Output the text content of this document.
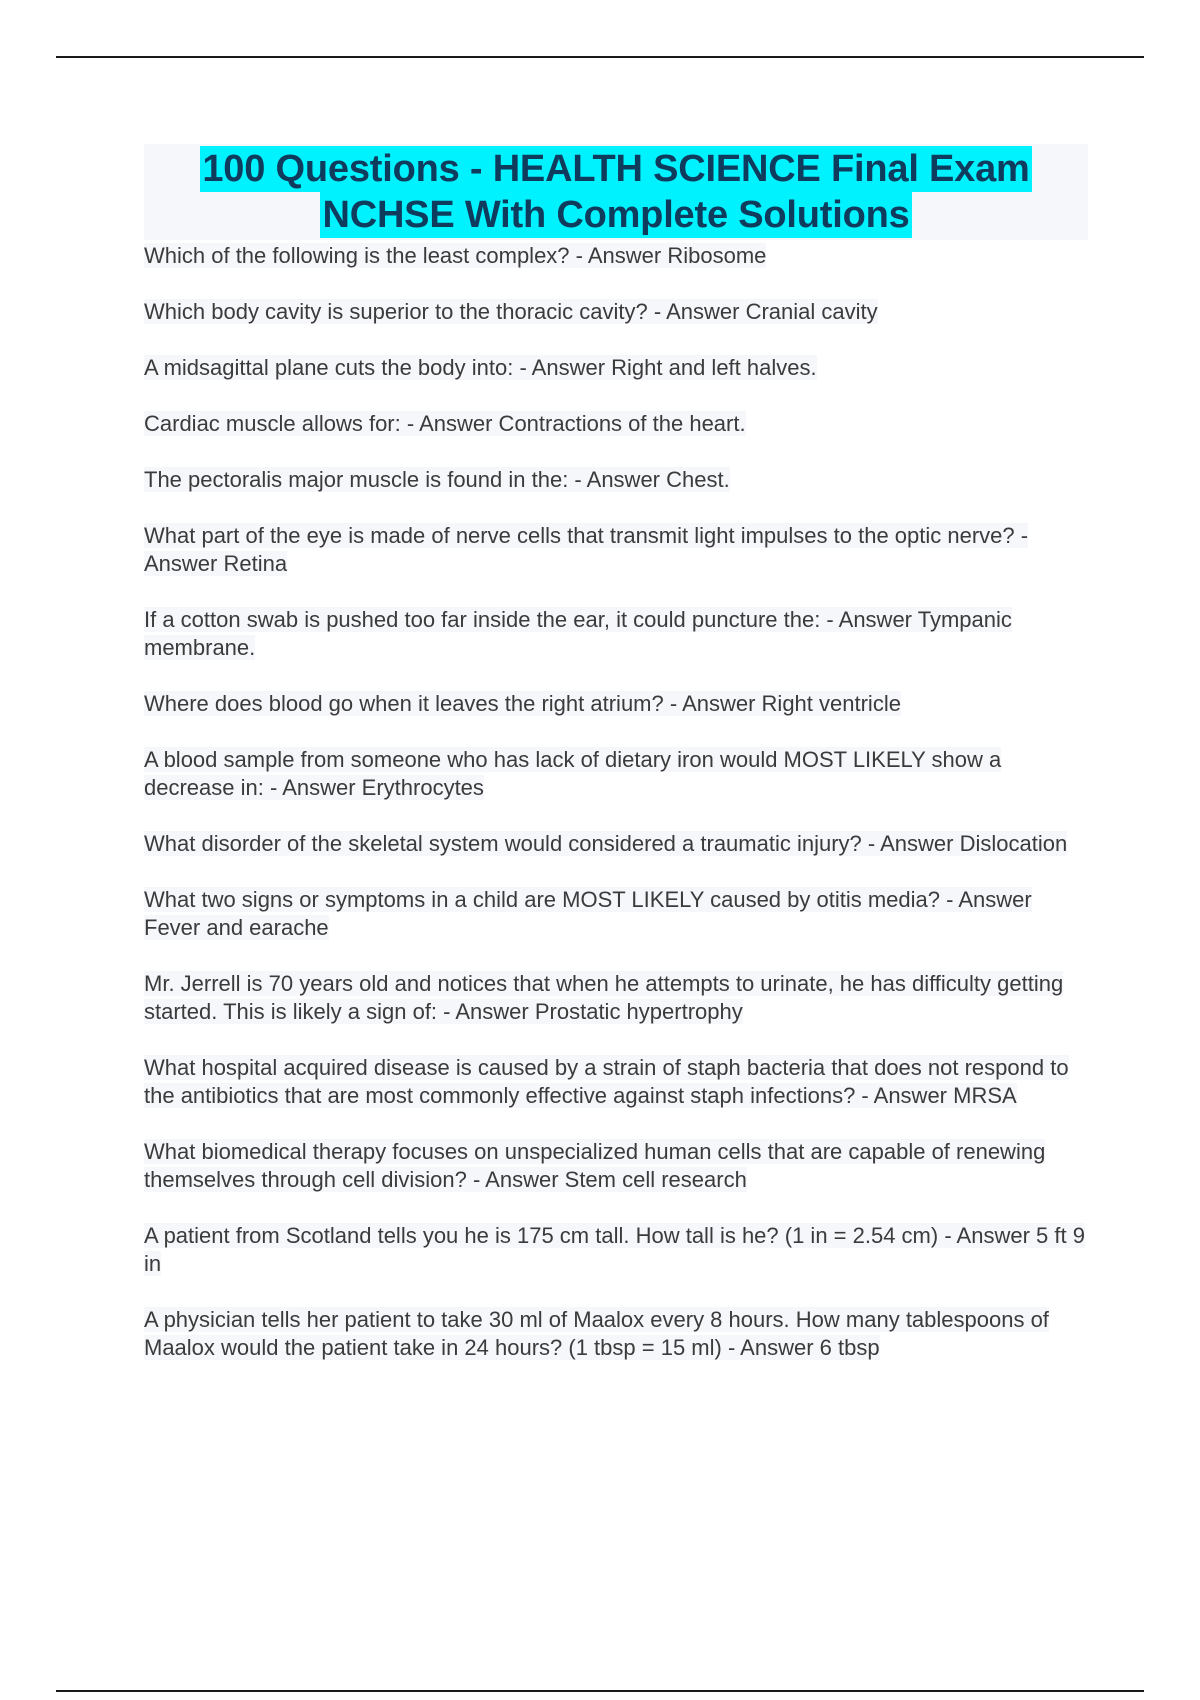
100 Questions - HEALTH SCIENCE Final Exam
NCHSE With Complete Solutions
Which of the following is the least complex? - Answer Ribosome
Which body cavity is superior to the thoracic cavity? - Answer Cranial cavity
A midsagittal plane cuts the body into: - Answer Right and left halves.
Cardiac muscle allows for: - Answer Contractions of the heart.
The pectoralis major muscle is found in the: - Answer Chest.
What part of the eye is made of nerve cells that transmit light impulses to the optic nerve? - Answer Retina
If a cotton swab is pushed too far inside the ear, it could puncture the: - Answer Tympanic membrane.
Where does blood go when it leaves the right atrium? - Answer Right ventricle
A blood sample from someone who has lack of dietary iron would MOST LIKELY show a decrease in: - Answer Erythrocytes
What disorder of the skeletal system would considered a traumatic injury? - Answer Dislocation
What two signs or symptoms in a child are MOST LIKELY caused by otitis media? - Answer Fever and earache
Mr. Jerrell is 70 years old and notices that when he attempts to urinate, he has difficulty getting started. This is likely a sign of: - Answer Prostatic hypertrophy
What hospital acquired disease is caused by a strain of staph bacteria that does not respond to the antibiotics that are most commonly effective against staph infections? - Answer MRSA
What biomedical therapy focuses on unspecialized human cells that are capable of renewing themselves through cell division? - Answer Stem cell research
A patient from Scotland tells you he is 175 cm tall. How tall is he? (1 in = 2.54 cm) - Answer 5 ft 9 in
A physician tells her patient to take 30 ml of Maalox every 8 hours. How many tablespoons of Maalox would the patient take in 24 hours? (1 tbsp = 15 ml) - Answer 6 tbsp
